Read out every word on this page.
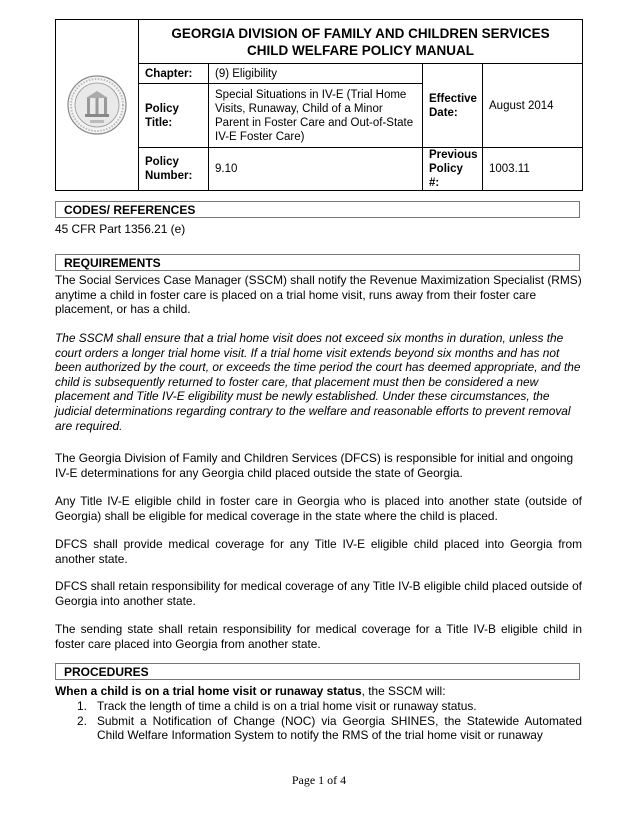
	GEORGIA DIVISION OF FAMILY AND CHILDREN SERVICES
CHILD WELFARE POLICY MANUAL			
	Chapter:	(9) Eligibility	Effective Date:	August 2014
	Policy Title:	Special Situations in IV-E (Trial Home Visits, Runaway, Child of a Minor Parent in Foster Care and Out-of-State IV-E Foster Care)		
	Policy Number:	9.10	Previous Policy #:	1003.11
CODES/ REFERENCES

45 CFR Part 1356.21 (e)

REQUIREMENTS

The Social Services Case Manager (SSCM) shall notify the Revenue Maximization Specialist (RMS) anytime a child in foster care is placed on a trial home visit, runs away from their foster care placement, or has a child.

The SSCM shall ensure that a trial home visit does not exceed six months in duration, unless the court orders a longer trial home visit. If a trial home visit extends beyond six months and has not been authorized by the court, or exceeds the time period the court has deemed appropriate, and the child is subsequently returned to foster care, that placement must then be considered a new placement and Title IV-E eligibility must be newly established. Under these circumstances, the judicial determinations regarding contrary to the welfare and reasonable efforts to prevent removal are required.

The Georgia Division of Family and Children Services (DFCS) is responsible for initial and ongoing IV-E determinations for any Georgia child placed outside the state of Georgia.

Any Title IV-E eligible child in foster care in Georgia who is placed into another state (outside of Georgia) shall be eligible for medical coverage in the state where the child is placed.

DFCS shall provide medical coverage for any Title IV-E eligible child placed into Georgia from another state.

DFCS shall retain responsibility for medical coverage of any Title IV-B eligible child placed outside of Georgia into another state.

The sending state shall retain responsibility for medical coverage for a Title IV-B eligible child in foster care placed into Georgia from another state.

PROCEDURES

When a child is on a trial home visit or runaway status, the SSCM will:

1. Track the length of time a child is on a trial home visit or runaway status.
2. Submit a Notification of Change (NOC) via Georgia SHINES, the Statewide Automated Child Welfare Information System to notify the RMS of the trial home visit or runaway
Page 1 of 4
